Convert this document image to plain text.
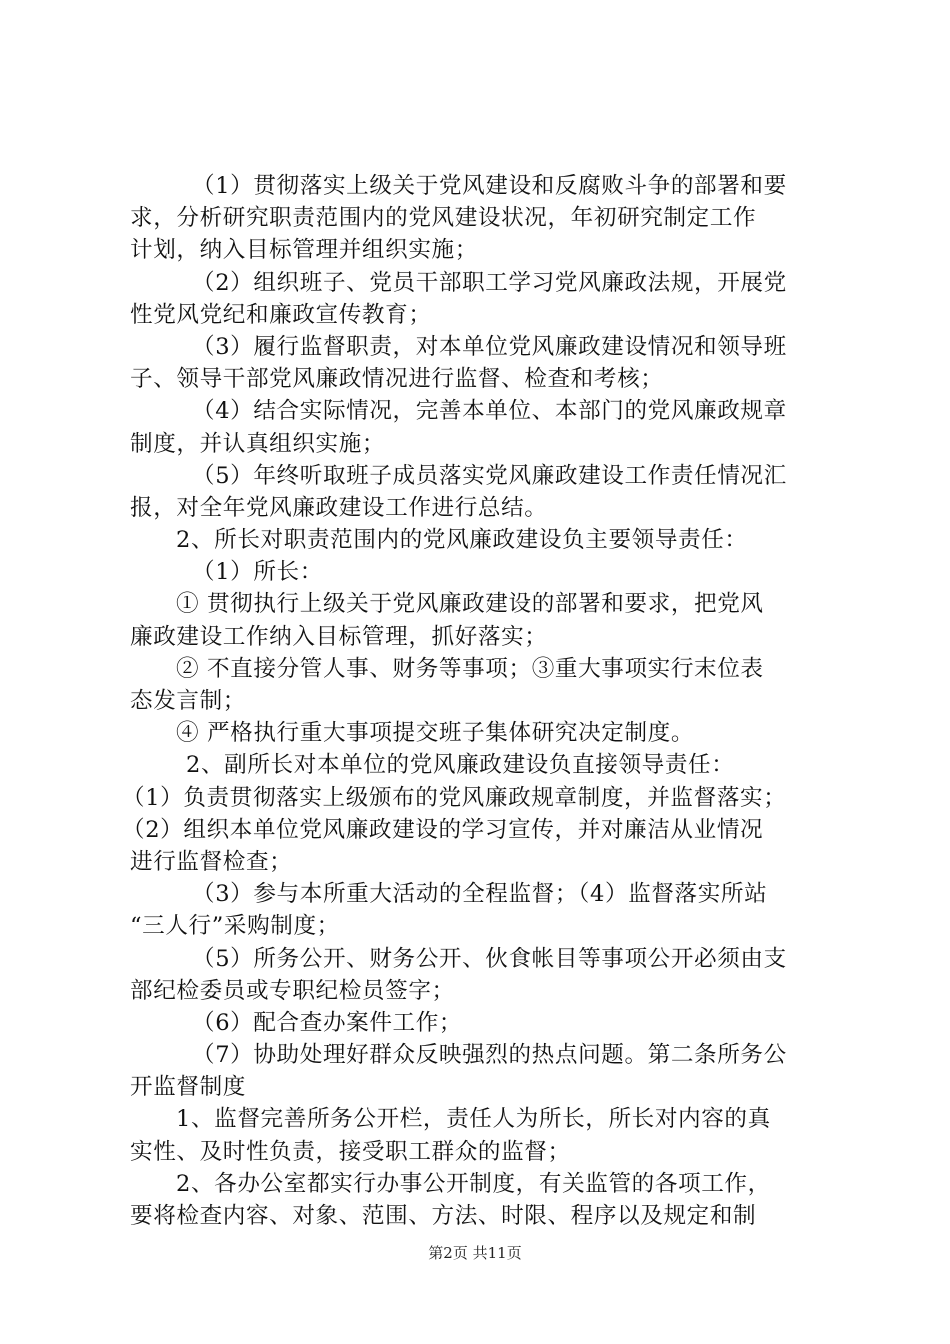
（1）贯彻落实上级关于党风建设和反腐败斗争的部署和要
求，分析研究职责范围内的党风建设状况，年初研究制定工作
计划，纳入目标管理并组织实施；
（2）组织班子、党员干部职工学习党风廉政法规，开展党
性党风党纪和廉政宣传教育；
（3）履行监督职责，对本单位党风廉政建设情况和领导班
子、领导干部党风廉政情况进行监督、检查和考核；
（4）结合实际情况，完善本单位、本部门的党风廉政规章
制度，并认真组织实施；
（5）年终听取班子成员落实党风廉政建设工作责任情况汇
报，对全年党风廉政建设工作进行总结。
2、所长对职责范围内的党风廉政建设负主要领导责任：
（1）所长：
① 贯彻执行上级关于党风廉政建设的部署和要求，把党风
廉政建设工作纳入目标管理，抓好落实；
② 不直接分管人事、财务等事项；③重大事项实行末位表
态发言制；
④ 严格执行重大事项提交班子集体研究决定制度。
2、副所长对本单位的党风廉政建设负直接领导责任：
（1）负责贯彻落实上级颁布的党风廉政规章制度，并监督落实；
（2）组织本单位党风廉政建设的学习宣传，并对廉洁从业情况
进行监督检查；
（3）参与本所重大活动的全程监督；（4）监督落实所站
“三人行”采购制度；
（5）所务公开、财务公开、伙食帐目等事项公开必须由支
部纪检委员或专职纪检员签字；
（6）配合查办案件工作；
（7）协助处理好群众反映强烈的热点问题。第二条所务公
开监督制度
1、监督完善所务公开栏，责任人为所长，所长对内容的真
实性、及时性负责，接受职工群众的监督；
2、各办公室都实行办事公开制度，有关监管的各项工作，
要将检查内容、对象、范围、方法、时限、程序以及规定和制
第2页 共11页
